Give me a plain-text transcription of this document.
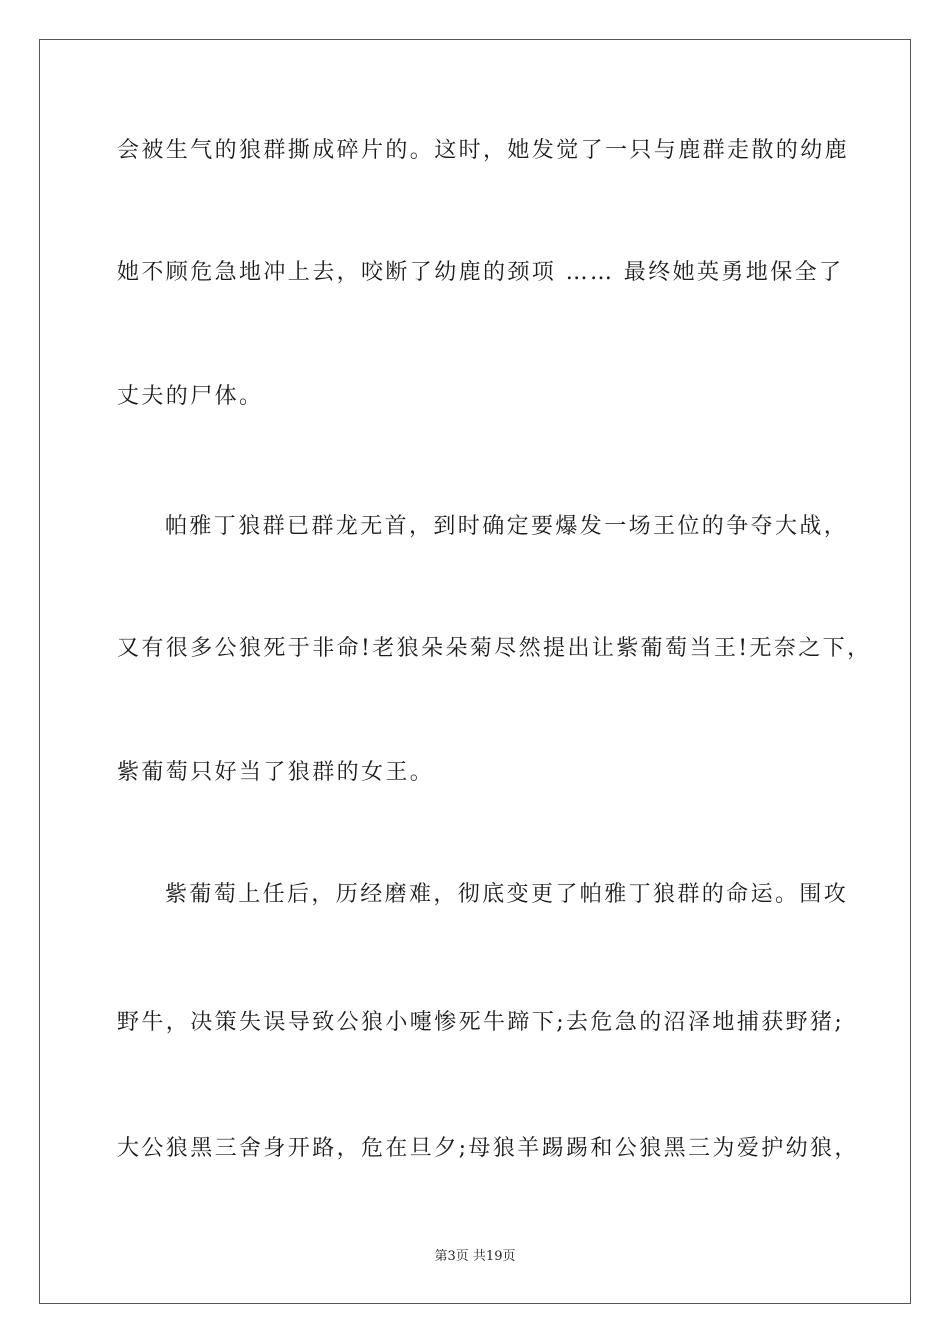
会被生气的狼群撕成碎片的。这时，她发觉了一只与鹿群走散的幼鹿
她不顾危急地冲上去，咬断了幼鹿的颈项 …… 最终她英勇地保全了
丈夫的尸体。
帕雅丁狼群已群龙无首，到时确定要爆发一场王位的争夺大战，
又有很多公狼死于非命!老狼朵朵菊尽然提出让紫葡萄当王!无奈之下，
紫葡萄只好当了狼群的女王。
紫葡萄上任后，历经磨难，彻底变更了帕雅丁狼群的命运。围攻
野牛，决策失误导致公狼小嚏惨死牛蹄下;去危急的沼泽地捕获野猪;
大公狼黑三舍身开路，危在旦夕;母狼羊踢踢和公狼黑三为爱护幼狼，
第3页 共19页
